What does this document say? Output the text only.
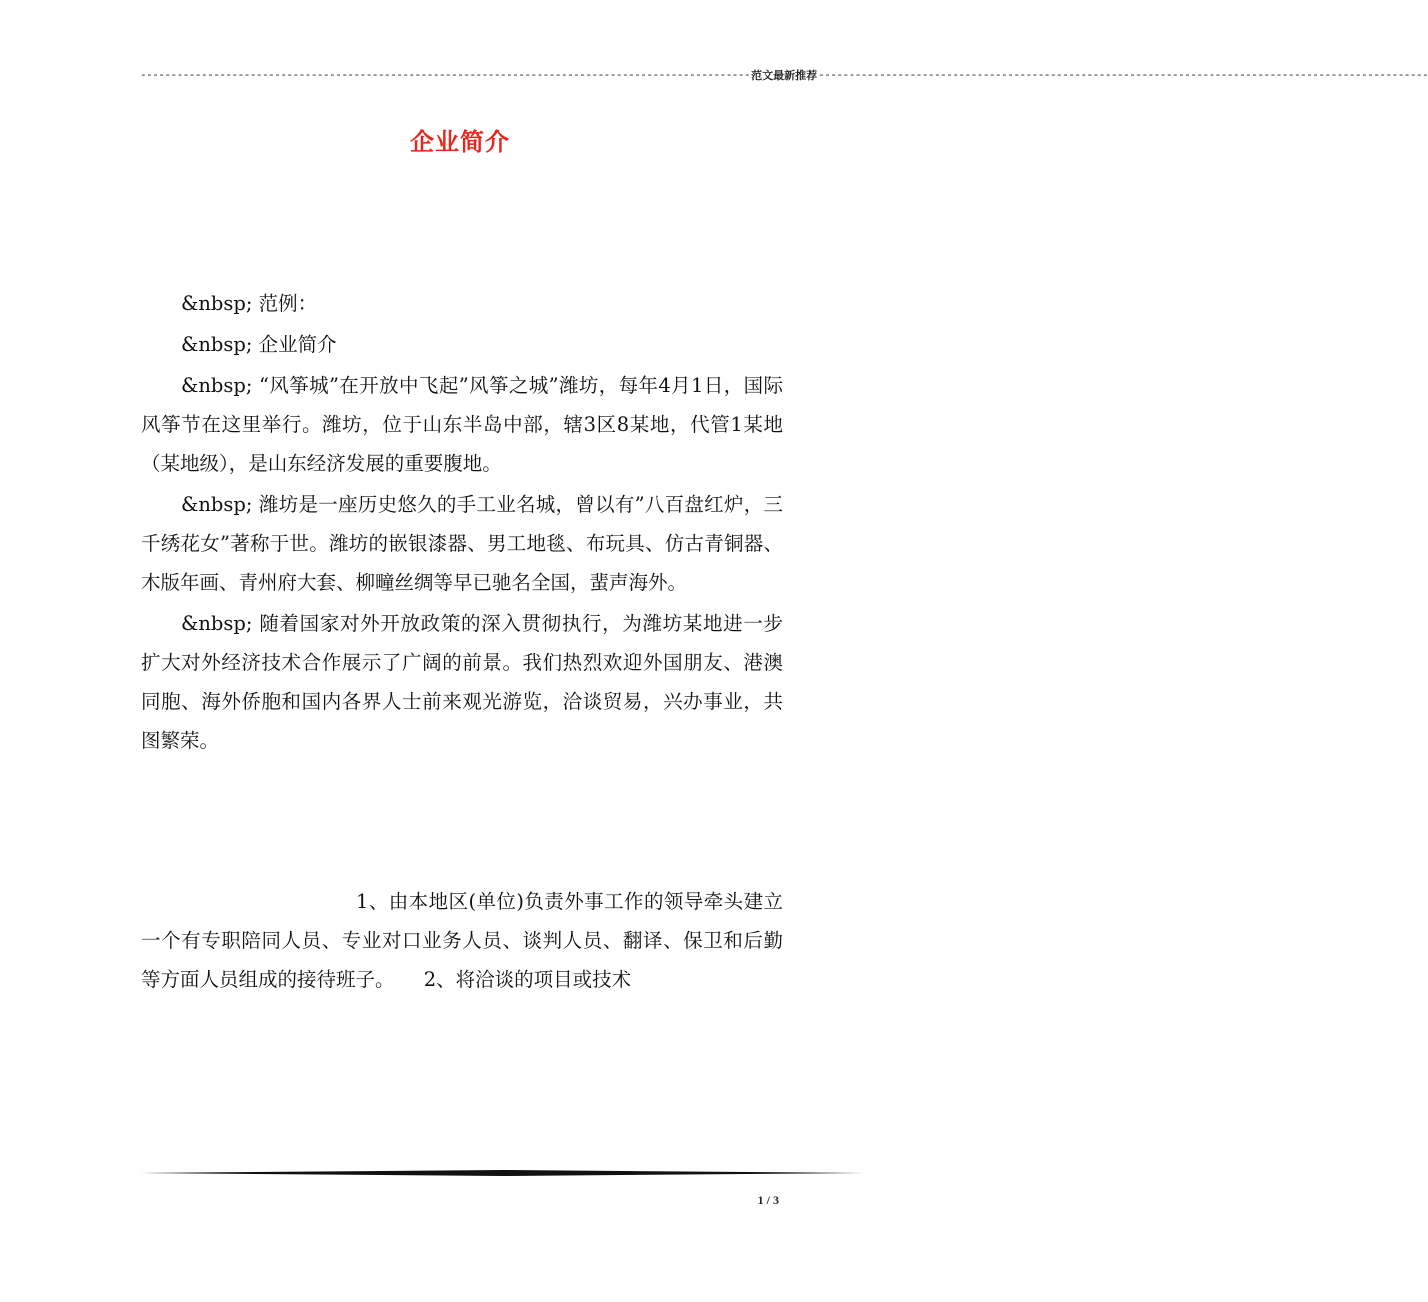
---------------------------------------------------------------------------------------------------- 范文最新推荐 ----------------------------------------------------------------------------------------------------
企业简介

&nbsp; 范例：

&nbsp; 企业简介

&nbsp; “风筝城”在开放中飞起”风筝之城”潍坊，每年4月1日，国际风筝节在这里举行。潍坊，位于山东半岛中部，辖3区8某地，代管1某地（某地级），是山东经济发展的重要腹地。

&nbsp; 潍坊是一座历史悠久的手工业名城，曾以有”八百盘红炉，三千绣花女”著称于世。潍坊的嵌银漆器、男工地毯、布玩具、仿古青铜器、木版年画、青州府大套、柳疃丝绸等早已驰名全国，蜚声海外。

&nbsp; 随着国家对外开放政策的深入贯彻执行，为潍坊某地进一步扩大对外经济技术合作展示了广阔的前景。我们热烈欢迎外国朋友、港澳同胞、海外侨胞和国内各界人士前来观光游览，洽谈贸易，兴办事业，共图繁荣。

1、由本地区(单位)负责外事工作的领导牵头建立一个有专职陪同人员、专业对口业务人员、谈判人员、翻译、保卫和后勤等方面人员组成的接待班子。　　2、将洽谈的项目或技术

1 / 3
